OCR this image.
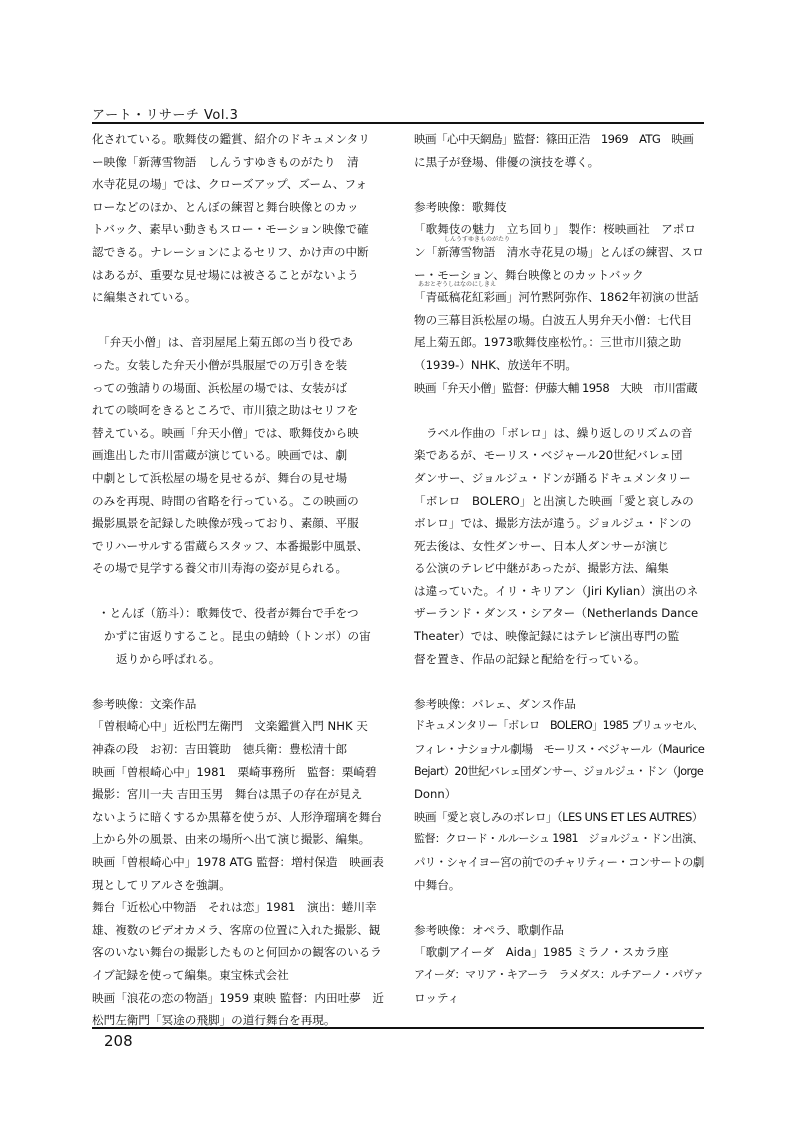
アート・リサーチ Vol.3
化されている。歌舞伎の鑑賞、紹介のドキュメンタリ
ー映像「新薄雪物語　しんうすゆきものがたり　清
水寺花見の場」では、クローズアップ、ズーム、フォ
ローなどのほか、とんぼの練習と舞台映像とのカッ
トバック、素早い動きもスロー・モーション映像で確
認できる。ナレーションによるセリフ、かけ声の中断
はあるが、重要な見せ場には被さることがないよう
に編集されている。
「弁天小僧」は、音羽屋尾上菊五郎の当り役であ
った。女装した弁天小僧が呉服屋での万引きを装
っての強請りの場面、浜松屋の場では、女装がば
れての啖呵をきるところで、市川猿之助はセリフを
替えている。映画「弁天小僧」では、歌舞伎から映
画進出した市川雷蔵が演じている。映画では、劇
中劇として浜松屋の場を見せるが、舞台の見せ場
のみを再現、時間の省略を行っている。この映画の
撮影風景を記録した映像が残っており、素顔、平服
でリハーサルする雷蔵らスタッフ、本番撮影中風景、
その場で見学する養父市川寿海の姿が見られる。
・とんぼ（筋斗）：歌舞伎で、役者が舞台で手をつ
かずに宙返りすること。昆虫の蜻蛉（トンボ）の宙
返りから呼ばれる。
参考映像：文楽作品
「曽根崎心中」近松門左衛門　文楽鑑賞入門 NHK 天
神森の段　お初：吉田簑助　徳兵衛：豊松清十郎
映画「曽根崎心中」1981　栗崎事務所　監督：栗崎碧
撮影：宮川一夫 吉田玉男　舞台は黒子の存在が見え
ないように暗くするか黒幕を使うが、人形浄瑠璃を舞台
上から外の風景、由来の場所へ出て演じ撮影、編集。
映画「曽根崎心中」1978 ATG 監督：増村保造　映画表
現としてリアルさを強調。
舞台「近松心中物語　それは恋」1981　演出：蜷川幸
雄、複数のビデオカメラ、客席の位置に入れた撮影、観
客のいない舞台の撮影したものと何回かの観客のいるラ
イブ記録を使って編集。東宝株式会社
映画「浪花の恋の物語」1959 東映 監督：内田吐夢　近
松門左衛門「冥途の飛脚」の道行舞台を再現。
映画「心中天網島」監督：篠田正浩　1969　ATG　映画
に黒子が登場、俳優の演技を導く。
参考映像：歌舞伎
「歌舞伎の魅力　立ち回り」 製作：桜映画社　アポロ
しんうすゆきものがたり
ン「新薄雪物語　清水寺花見の場」とんぼの練習、スロ
ー・モーション、舞台映像とのカットバック
あおとぞうしはなのにしきえ
「青砥稿花紅彩画」河竹黙阿弥作、1862年初演の世話
物の三幕目浜松屋の場。白波五人男弁天小僧：七代目
尾上菊五郎。1973歌舞伎座松竹。：三世市川猿之助
（1939-）NHK、放送年不明。
映画「弁天小僧」監督：伊藤大輔 1958　大映　市川雷蔵
ラベル作曲の「ボレロ」は、繰り返しのリズムの音
楽であるが、モーリス・ベジャール20世紀バレェ団
ダンサー、ジョルジュ・ドンが踊るドキュメンタリー
「ボレロ　BOLERO」と出演した映画「愛と哀しみの
ボレロ」では、撮影方法が違う。ジョルジュ・ドンの
死去後は、女性ダンサー、日本人ダンサーが演じ
る公演のテレビ中継があったが、撮影方法、編集
は違っていた。イリ・キリアン（Jiri Kylian）演出のネ
ザーランド・ダンス・シアター（Netherlands Dance
Theater）では、映像記録にはテレビ演出専門の監
督を置き、作品の記録と配給を行っている。
参考映像：バレェ、ダンス作品
ドキュメンタリー「ボレロ　BOLERO」1985 ブリュッセル、
フィレ・ナショナル劇場　モーリス・ベジャール（Maurice
Bejart）20世紀バレェ団ダンサー、ジョルジュ・ドン（Jorge
Donn）
映画「愛と哀しみのボレロ」（LES UNS ET LES AUTRES）
監督：クロード・ルルーシュ 1981　ジョルジュ・ドン出演、
パリ・シャイヨー宮の前でのチャリティー・コンサートの劇
中舞台。
参考映像：オペラ、歌劇作品
「歌劇アイーダ　Aida」1985 ミラノ・スカラ座
アイーダ：マリア・キアーラ　ラメダス：ルチアーノ・パヴァ
ロッティ
208
